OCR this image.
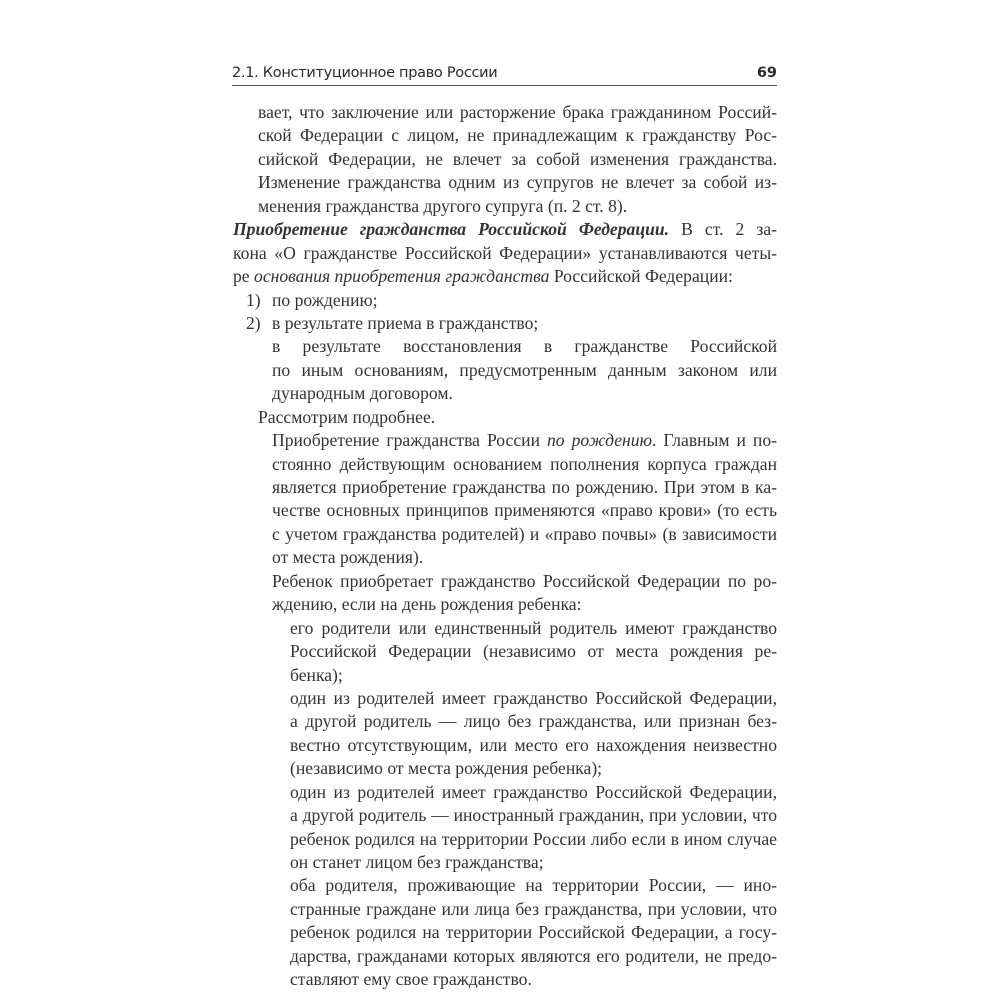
2.1. Конституционное право России	69
вает, что заключение или расторжение брака гражданином Россий-
ской Федерации с лицом, не принадлежащим к гражданству Рос-
сийской Федерации, не влечет за собой изменения гражданства.
Изменение гражданства одним из супругов не влечет за собой из-
менения гражданства другого супруга (п. 2 ст. 8).
Приобретение гражданства Российской Федерации. В ст. 2 за-
кона «О гражданстве Российской Федерации» устанавливаются четы-
ре основания приобретения гражданства Российской Федерации:
1) по рождению;
2) в результате приема в гражданство;
в результате восстановления в гражданстве Российской
по иным основаниям, предусмотренным данным законом или
дународным договором.
Рассмотрим подробнее.
Приобретение гражданства России по рождению. Главным и по-
стоянно действующим основанием пополнения корпуса граждан
является приобретение гражданства по рождению. При этом в ка-
честве основных принципов применяются «право крови» (то есть
с учетом гражданства родителей) и «право почвы» (в зависимости
от места рождения).
Ребенок приобретает гражданство Российской Федерации по ро-
ждению, если на день рождения ребенка:
его родители или единственный родитель имеют гражданство
Российской Федерации (независимо от места рождения ре-
бенка);
один из родителей имеет гражданство Российской Федерации,
а другой родитель — лицо без гражданства, или признан без-
вестно отсутствующим, или место его нахождения неизвестно
(независимо от места рождения ребенка);
один из родителей имеет гражданство Российской Федерации,
а другой родитель — иностранный гражданин, при условии, что
ребенок родился на территории России либо если в ином случае
он станет лицом без гражданства;
оба родителя, проживающие на территории России, — ино-
странные граждане или лица без гражданства, при условии, что
ребенок родился на территории Российской Федерации, а госу-
дарства, гражданами которых являются его родители, не предо-
ставляют ему свое гражданство.
